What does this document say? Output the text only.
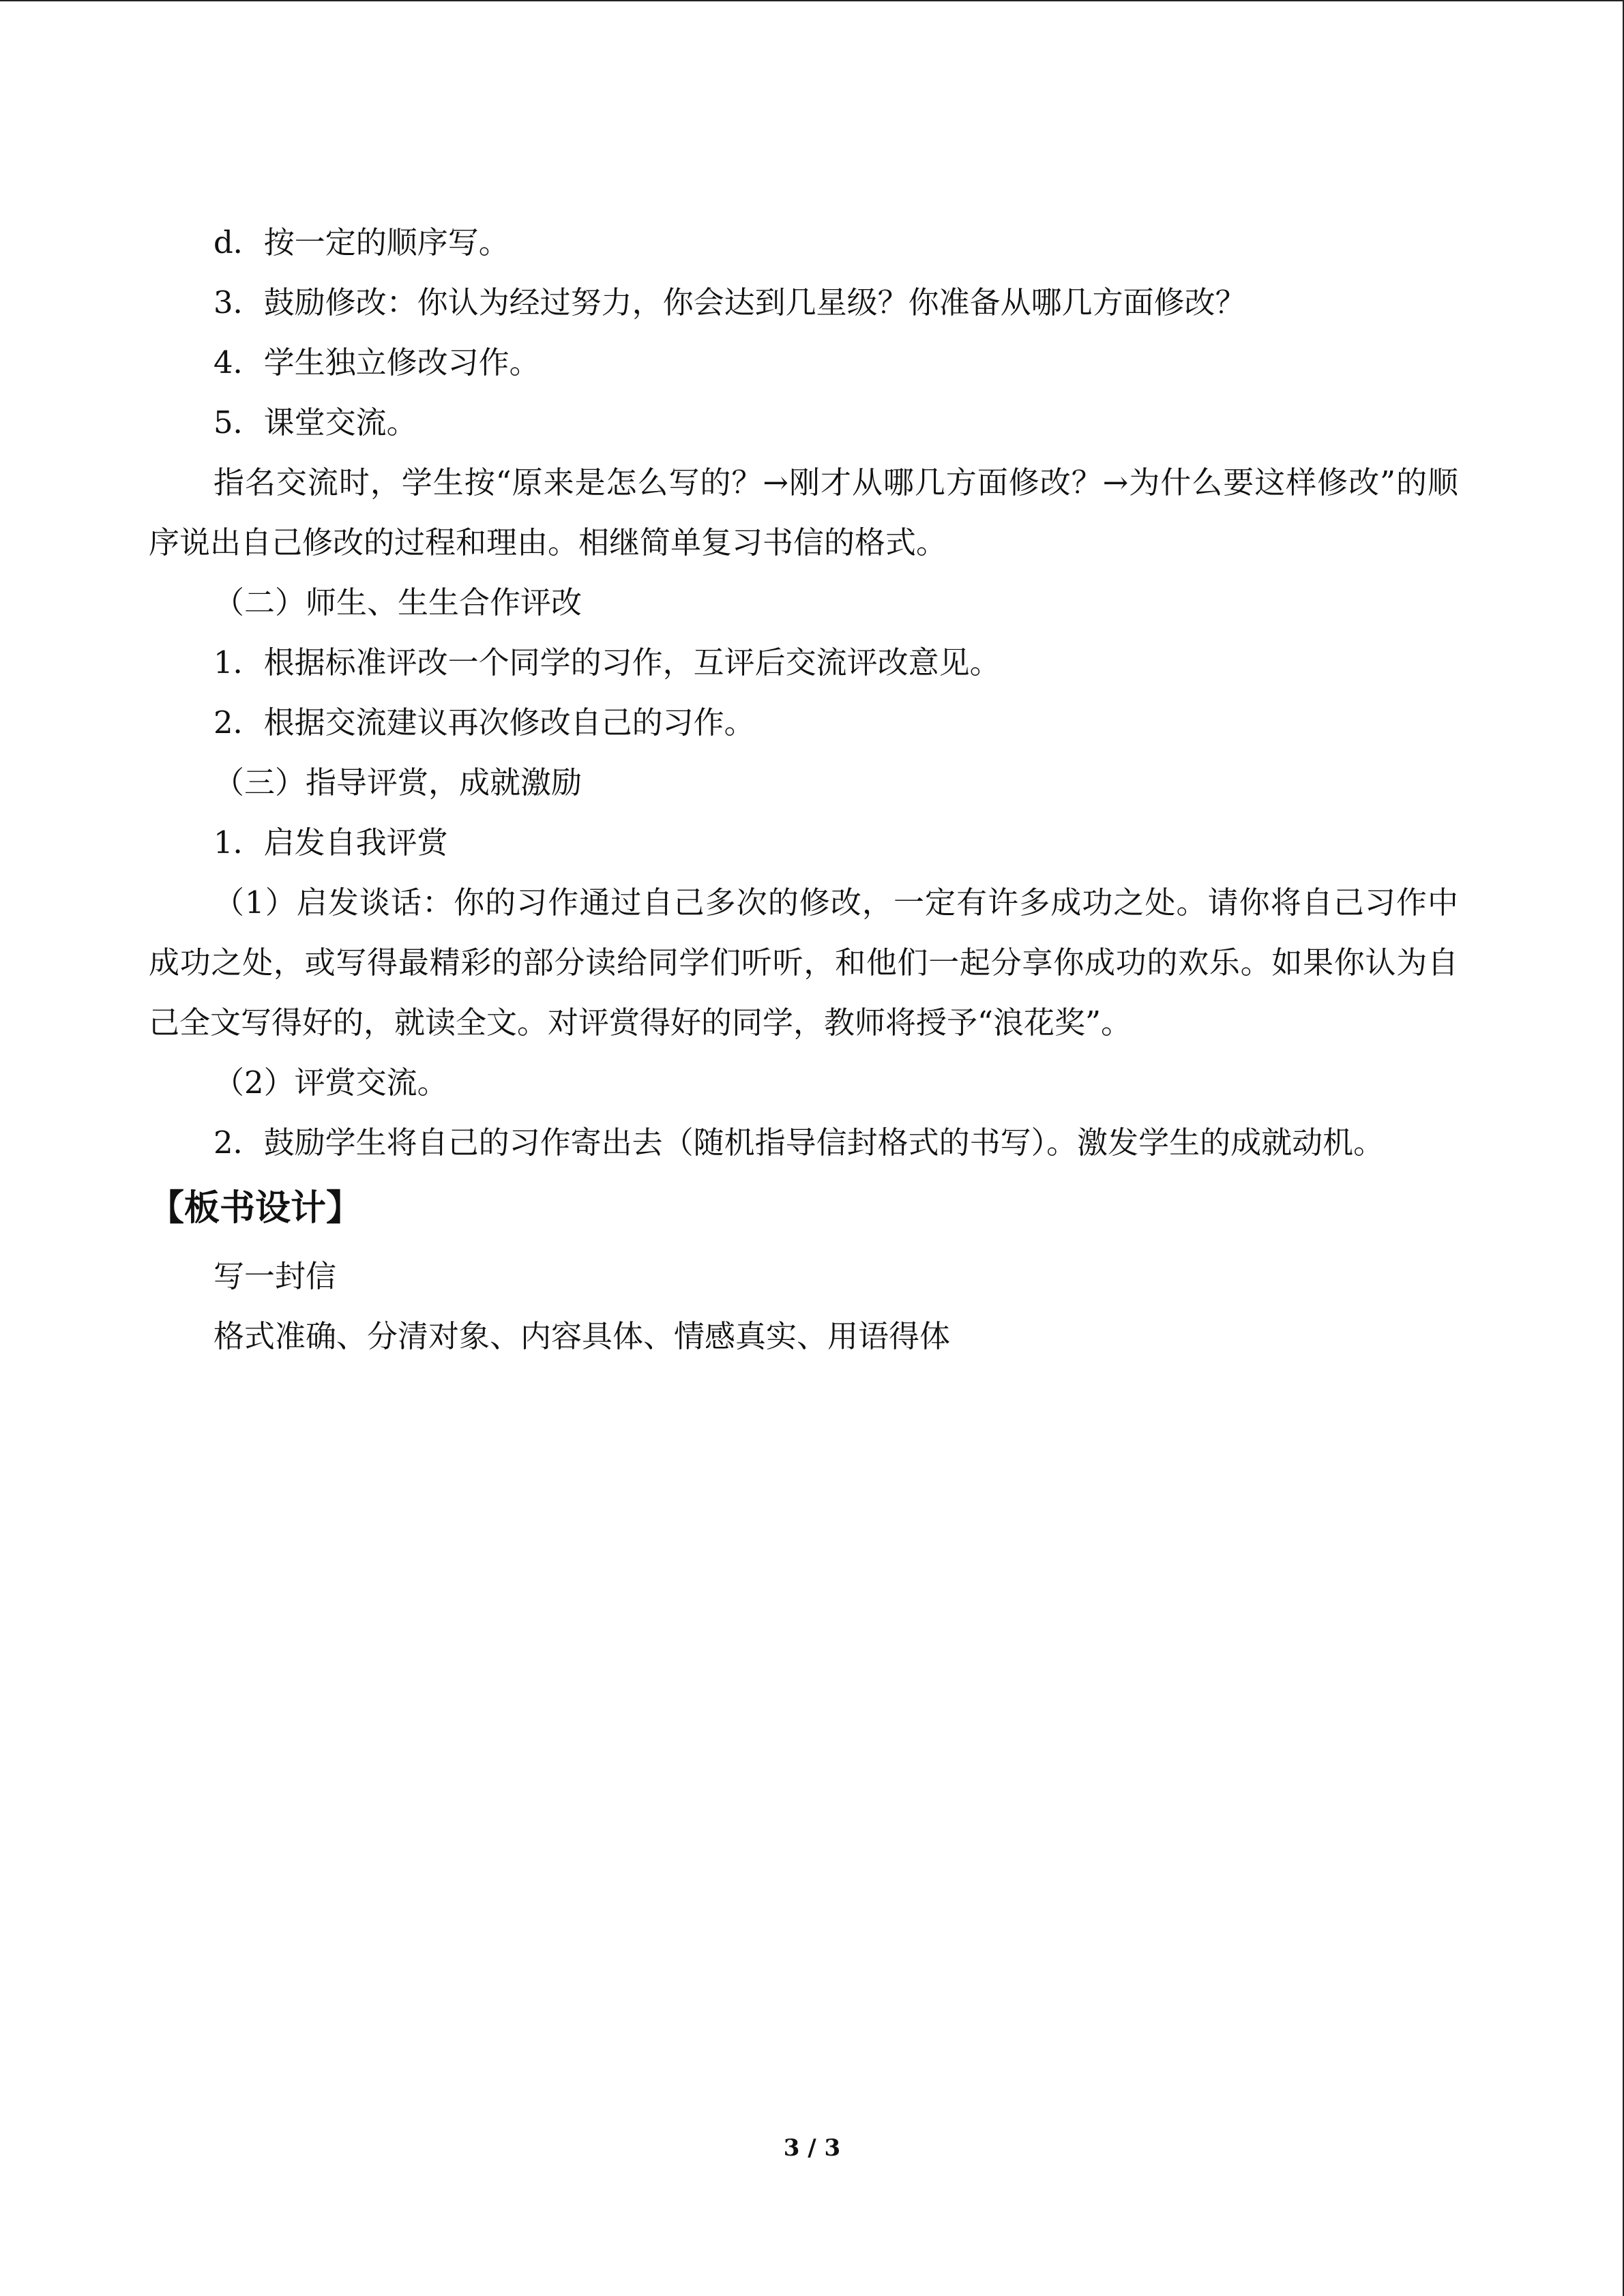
d．按一定的顺序写。

3．鼓励修改：你认为经过努力，你会达到几星级？你准备从哪几方面修改？

4．学生独立修改习作。

5．课堂交流。

指名交流时，学生按“原来是怎么写的？→刚才从哪几方面修改？→为什么要这样修改”的顺序说出自己修改的过程和理由。相继简单复习书信的格式。

（二）师生、生生合作评改

1．根据标准评改一个同学的习作，互评后交流评改意见。

2．根据交流建议再次修改自己的习作。

（三）指导评赏，成就激励

1．启发自我评赏

（1）启发谈话：你的习作通过自己多次的修改，一定有许多成功之处。请你将自己习作中成功之处，或写得最精彩的部分读给同学们听听，和他们一起分享你成功的欢乐。如果你认为自己全文写得好的，就读全文。对评赏得好的同学，教师将授予“浪花奖”。

（2）评赏交流。

2．鼓励学生将自己的习作寄出去（随机指导信封格式的书写）。激发学生的成就动机。

【板书设计】

写一封信

格式准确、分清对象、内容具体、情感真实、用语得体

3 / 3
